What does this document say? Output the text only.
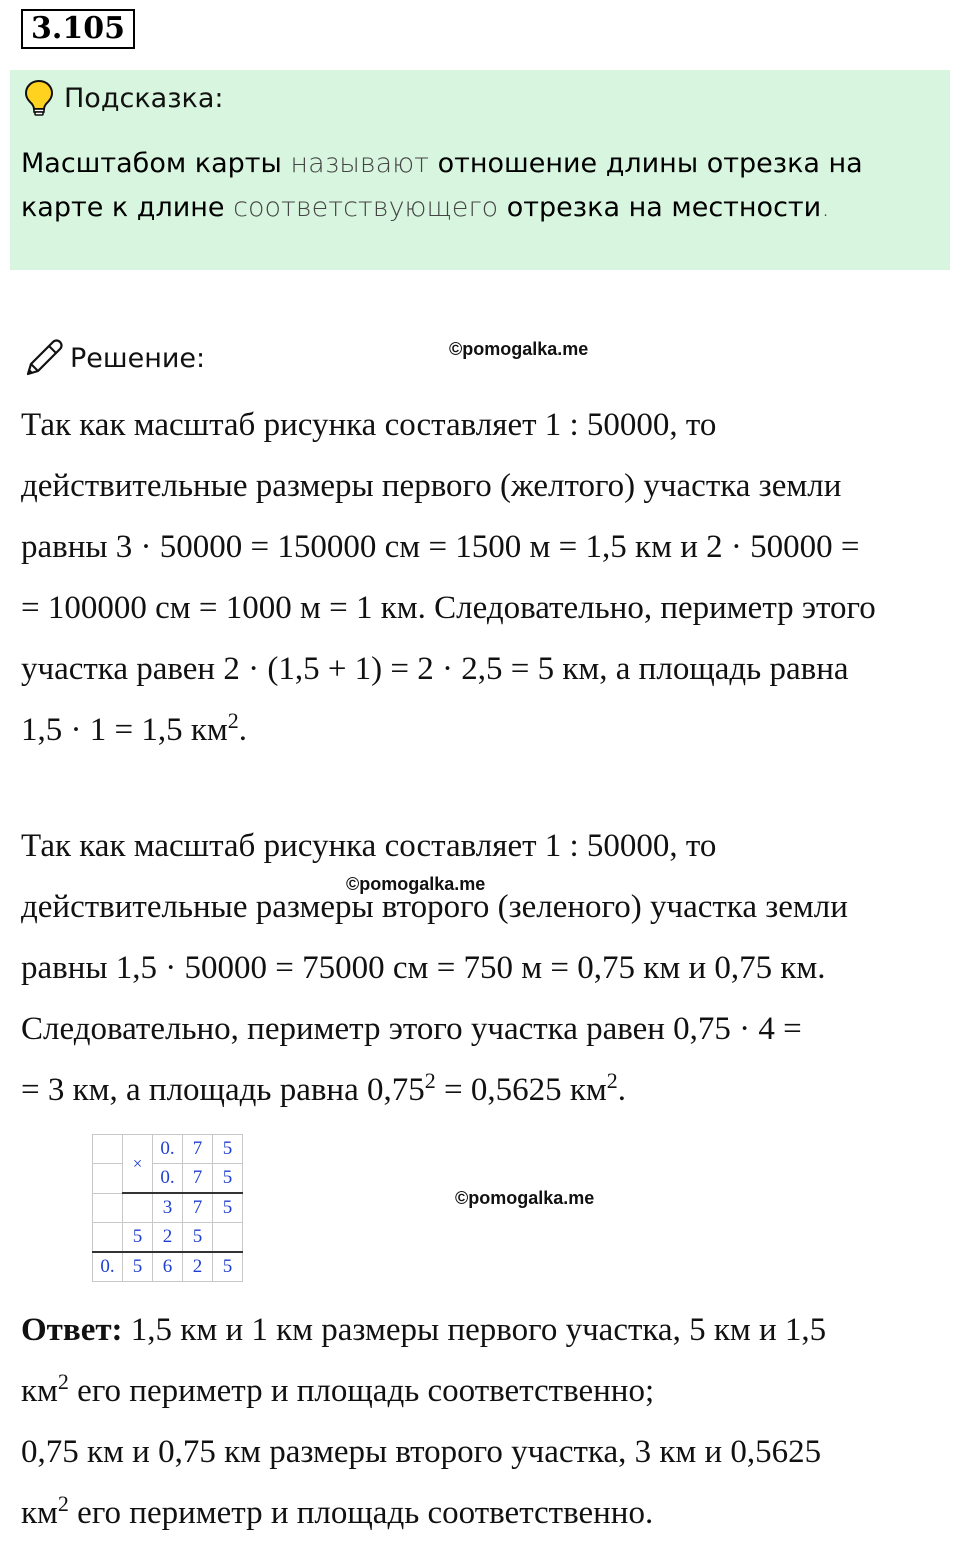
3.105
Подсказка:
Масштабом карты называют отношение длины отрезка на
карте к длине соответствующего отрезка на местности.
Решение:	©pomogalka.me
Так как масштаб рисунка составляет 1 : 50000, то
действительные размеры первого (желтого) участка земли
равны 3 · 50000 = 150000 см = 1500 м = 1,5 км и 2 · 50000 =
= 100000 см = 1000 м = 1 км. Следовательно, периметр этого
участка равен 2 · (1,5 + 1) = 2 · 2,5 = 5 км, а площадь равна
1,5 · 1 = 1,5 $км^2$.
Так как масштаб рисунка составляет 1 : 50000, то
действительные размеры второго (зеленого) участка земли
равны 1,5 · 50000 = 75000 см = 750 м = 0,75 км и 0,75 км.
Следовательно, периметр этого участка равен 0,75 · 4 =
= 3 км, а площадь равна $0,75^2 = 0,5625$ $км^2$.
©pomogalka.me
	×	0.	7	5
		0.	7	5
		3	7	5
	5	2	5	
0.	5	6	2	5
©pomogalka.me
Ответ: 1,5 км и 1 км размеры первого участка, 5 км и 1,5
$км^2$ его периметр и площадь соответственно;
0,75 км и 0,75 км размеры второго участка, 3 км и 0,5625
$км^2$ его периметр и площадь соответственно.
